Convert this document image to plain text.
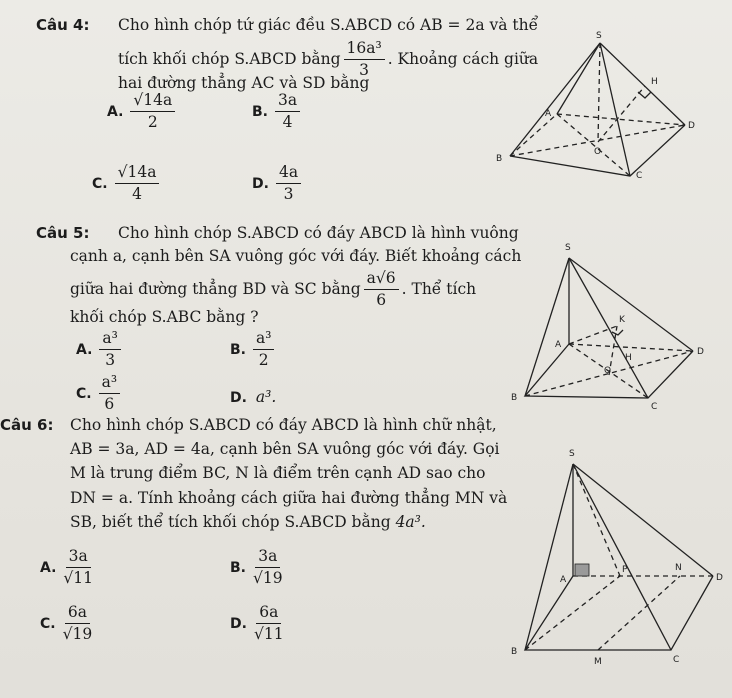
Câu 4: Cho hình chóp tứ giác đều S.ABCD có AB = 2a và thể
tích khối chóp S.ABCD bằng $\frac{\text{16a³}}{3}$ . Khoảng cách giữa
hai đường thẳng AC và SD bằng
A. $\frac{√14a}{2}$	B. $\frac{3a}{4}$
C. $\frac{√14a}{4}$	D. $\frac{4a}{3}$
S
H
A
D
O
B
C
Câu 5: Cho hình chóp S.ABCD có đáy ABCD là hình vuông
cạnh a, cạnh bên SA vuông góc với đáy. Biết khoảng cách
giữa hai đường thẳng BD và SC bằng $\frac{a√6}{6}$ . Thể tích
khối chóp S.ABC bằng ?
A. $\frac{\text{a³}}{3}$	B. $\frac{\text{a³}}{2}$
C. $\frac{\text{a³}}{6}$	D. a³.
S
K
A
D
H
O
B
C
Câu 6: Cho hình chóp S.ABCD có đáy ABCD là hình chữ nhật,
AB = 3a, AD = 4a, cạnh bên SA vuông góc với đáy. Gọi
M là trung điểm BC, N là điểm trên cạnh AD sao cho
DN = a. Tính khoảng cách giữa hai đường thẳng MN và
SB, biết thể tích khối chóp S.ABCD bằng 4a³.
A. $\frac{3a}{√11}$	B. $\frac{3a}{√19}$
C. $\frac{6a}{√19}$	D. $\frac{6a}{√11}$
S
A
P	N
D
B
M	C
